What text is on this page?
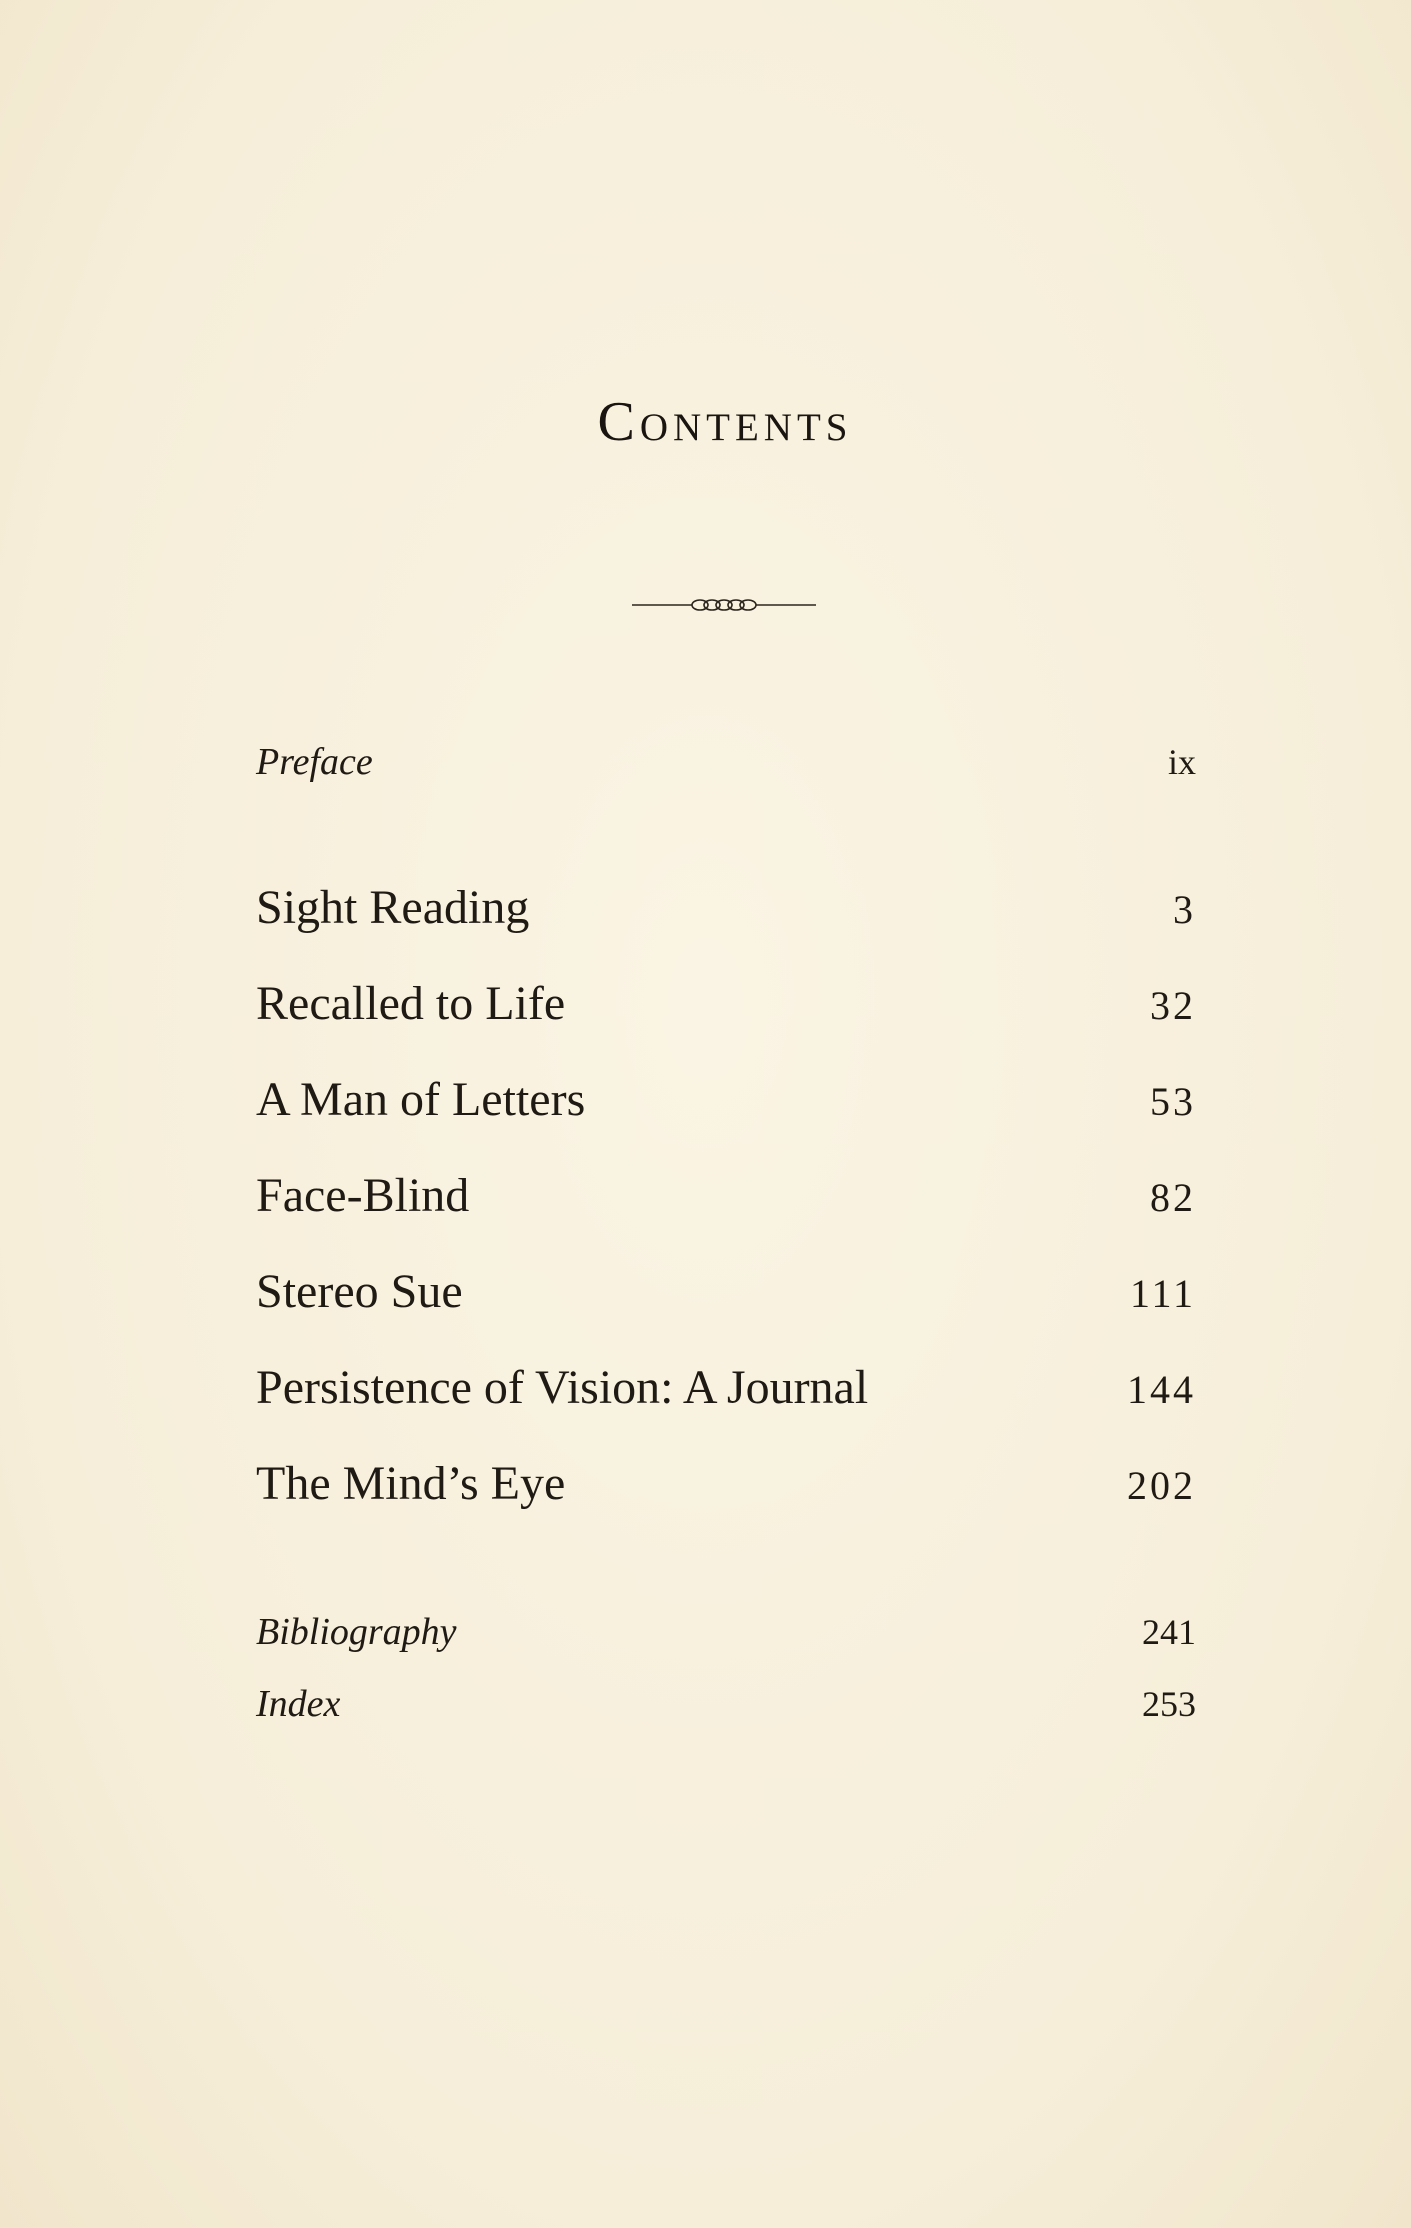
Contents
Preface	ix
Sight Reading	3
Recalled to Life	32
A Man of Letters	53
Face-Blind	82
Stereo Sue	111
Persistence of Vision: A Journal	144
The Mind’s Eye	202
Bibliography	241
Index	253
